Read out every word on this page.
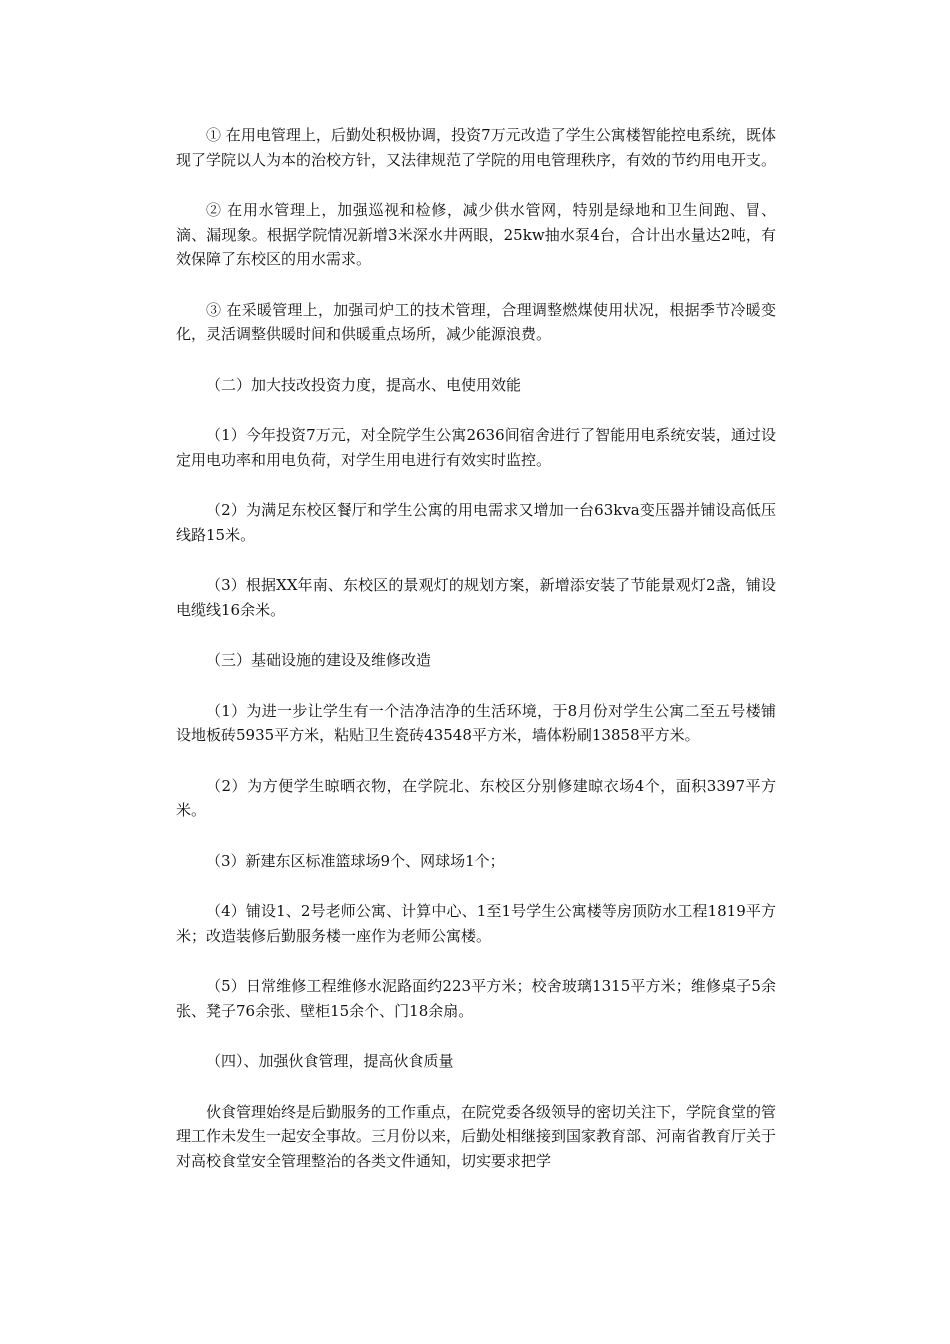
① 在用电管理上，后勤处积极协调，投资7万元改造了学生公寓楼智能控电系统，既体现了学院以人为本的治校方针，又法律规范了学院的用电管理秩序，有效的节约用电开支。

② 在用水管理上，加强巡视和检修，减少供水管网，特别是绿地和卫生间跑、冒、滴、漏现象。根据学院情况新增3米深水井两眼，25kw抽水泵4台，合计出水量达2吨，有效保障了东校区的用水需求。

③ 在采暖管理上，加强司炉工的技术管理，合理调整燃煤使用状况，根据季节冷暖变化，灵活调整供暖时间和供暖重点场所，减少能源浪费。

（二）加大技改投资力度，提高水、电使用效能

（1）今年投资7万元，对全院学生公寓2636间宿舍进行了智能用电系统安装，通过设定用电功率和用电负荷，对学生用电进行有效实时监控。

（2）为满足东校区餐厅和学生公寓的用电需求又增加一台63kva变压器并铺设高低压线路15米。

（3）根据XX年南、东校区的景观灯的规划方案，新增添安装了节能景观灯2盏，铺设电缆线16余米。

（三）基础设施的建设及维修改造

（1）为进一步让学生有一个洁净洁净的生活环境，于8月份对学生公寓二至五号楼铺设地板砖5935平方米，粘贴卫生瓷砖43548平方米，墙体粉刷13858平方米。

（2）为方便学生晾晒衣物，在学院北、东校区分别修建晾衣场4个，面积3397平方米。

（3）新建东区标准篮球场9个、网球场1个；

（4）铺设1、2号老师公寓、计算中心、1至1号学生公寓楼等房顶防水工程1819平方米；改造装修后勤服务楼一座作为老师公寓楼。

（5）日常维修工程维修水泥路面约223平方米；校舍玻璃1315平方米；维修桌子5余张、凳子76余张、壁柜15余个、门18余扇。

（四）、加强伙食管理，提高伙食质量

伙食管理始终是后勤服务的工作重点，在院党委各级领导的密切关注下，学院食堂的管理工作未发生一起安全事故。三月份以来，后勤处相继接到国家教育部、河南省教育厅关于对高校食堂安全管理整治的各类文件通知，切实要求把学
